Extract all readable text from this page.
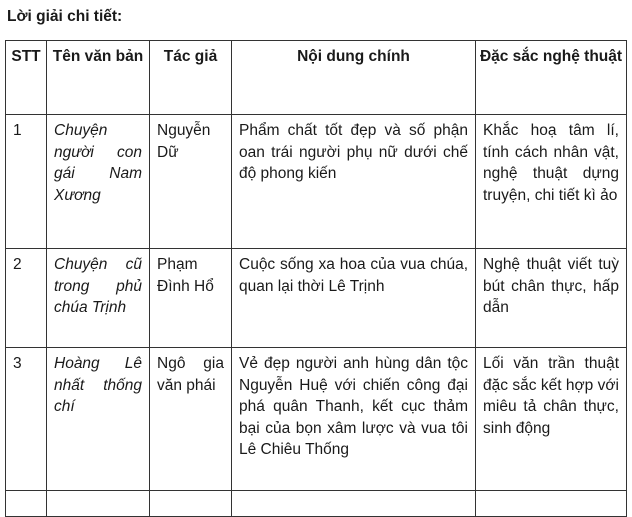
Lời giải chi tiết:
STT	Tên văn bản	Tác giả	Nội dung chính	Đặc sắc nghệ thuật
1	Chuyện người con gái Nam Xương	Nguyễn Dữ	Phẩm chất tốt đẹp và số phận oan trái người phụ nữ dưới chế độ phong kiến	Khắc hoạ tâm lí, tính cách nhân vật, nghệ thuật dựng truyện, chi tiết kì ảo
2	Chuyện cũ trong phủ chúa Trịnh	Phạm Đình Hổ	Cuộc sống xa hoa của vua chúa, quan lại thời Lê Trịnh	Nghệ thuật viết tuỳ bút chân thực, hấp dẫn
3	Hoàng Lê nhất thống chí	Ngô gia văn phái	Vẻ đẹp người anh hùng dân tộc Nguyễn Huệ với chiến công đại phá quân Thanh, kết cục thảm bại của bọn xâm lược và vua tôi Lê Chiêu Thống	Lối văn trần thuật đặc sắc kết hợp với miêu tả chân thực, sinh động
